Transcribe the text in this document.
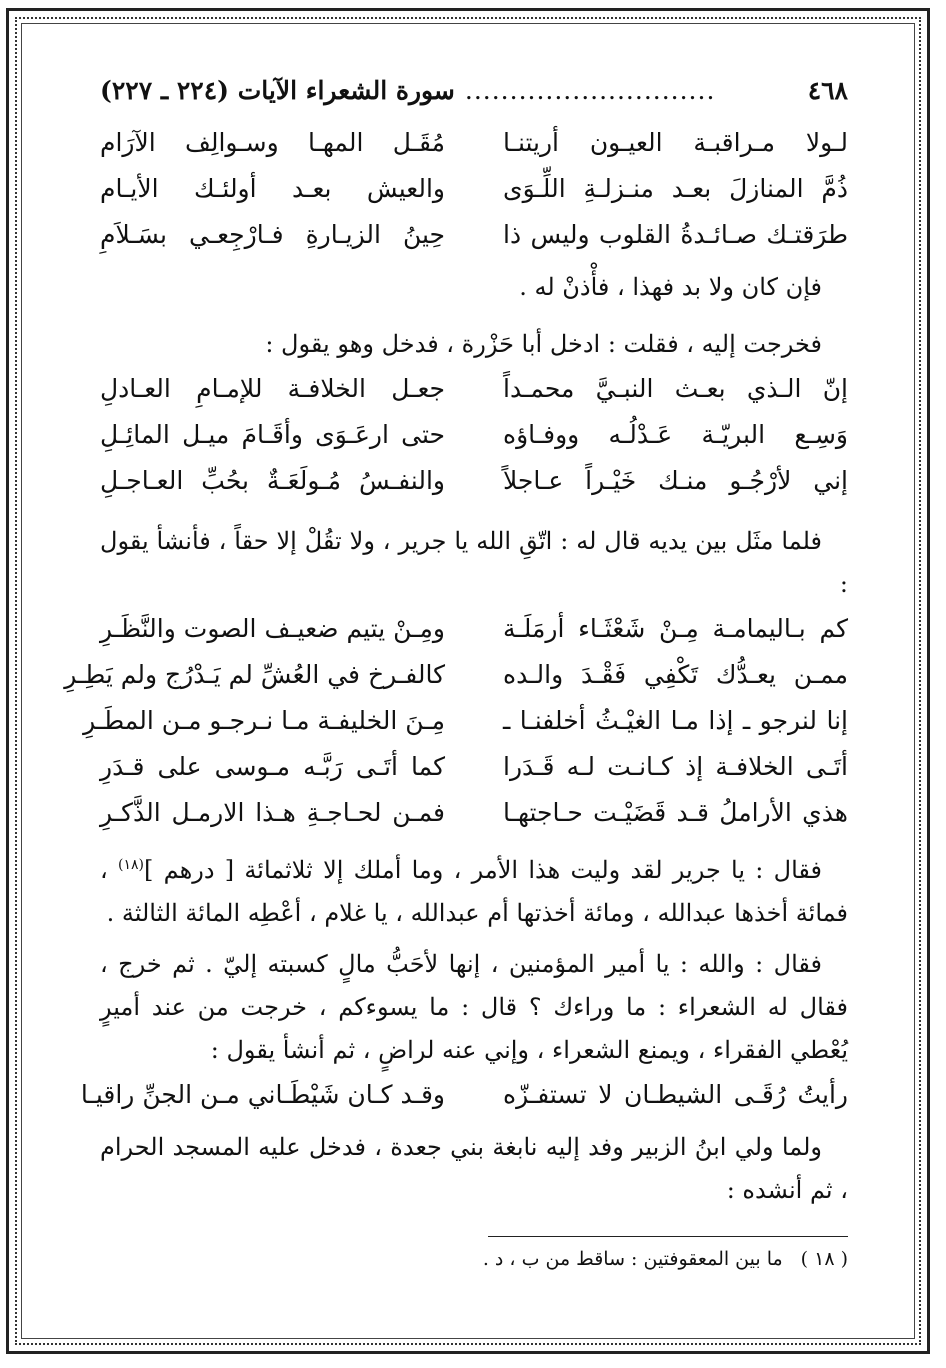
٤٦٨
............................
سورة الشعراء الآيات (٢٢٤ ـ ٢٢٧)
لـولا مـراقبـة العيـون أريتنـا
مُقَـل المهـا وسـوالِف الآرَام
ذُمَّ المنازلَ بعـد منـزلـةِ اللِّـوَى
والعيش بعـد أولئـك الأيـام
طرَقتـك صـائـدةُ القلوب وليس ذا
حِينُ الزيـارةِ فـارْجِعـي بسَـلاَمِ
فإن كان ولا بد فهذا ، فأْذنْ له .
فخرجت إليه ، فقلت : ادخل أبا حَزْرة ، فدخل وهو يقول :
إنّ الـذي بعـث النبـيَّ محمـداً
جعـل الخلافـة للإمـامِ العـادلِ
وَسِـع البريّـة عَـدْلُـه ووفـاؤه
حتى ارعَـوَى وأقَـامَ ميـل المائِـلِ
إني لأرْجُـو منـك خَيْـراً عـاجلاً
والنفـسُ مُـولَعَـةٌ بحُبِّ العـاجـلِ
فلما مثَل بين يديه قال له : اتّقِ الله يا جرير ، ولا تقُلْ إلا حقاً ، فأنشأ يقول :
كم بـاليمامـة مِـنْ شَعْثَـاء أرمَلَـة
ومِـنْ يتيم ضعيـف الصوت والنَّظَـرِ
ممـن يعـدُّك تَكْفِي فَقْـدَ والـده
كالفـرخ في العُشِّ لم يَـدْرُج ولم يَطِـرِ
إنا لنرجو ـ إذا مـا الغيْـثُ أخلفنـا ـ
مِـنَ الخليفـة مـا نـرجـو مـن المطَـرِ
أتَـى الخلافـة إذ كـانـت لـه قَـدَرا
كما أتَـى رَبَّـه مـوسى على قـدَرِ
هذي الأراملُ قـد قَضَيْـت حـاجتهـا
فمـن لحـاجـةِ هـذا الارمـل الذَّكـرِ
فقال : يا جرير لقد وليت هذا الأمر ، وما أملك إلا ثلاثمائة [ درهم ]$^{(١٨)}$ ، فمائة أخذها عبدالله ، ومائة أخذتها أم عبدالله ، يا غلام ، أعْطِه المائة الثالثة .
فقال : والله : يا أمير المؤمنين ، إنها لأحَبُّ مالٍ كسبته إليّ . ثم خرج ، فقال له الشعراء : ما وراءك ؟ قال : ما يسوءكم ، خرجت من عند أميرٍ يُعْطي الفقراء ، ويمنع الشعراء ، وإني عنه لراضٍ ، ثم أنشأ يقول :
رأيتُ رُقَـى الشيطـان لا تستفـزّه
وقـد كـان شَيْطَـاني مـن الجنِّ راقيـا
ولما ولي ابنُ الزبير وفد إليه نابغة بني جعدة ، فدخل عليه المسجد الحرام ، ثم أنشده :
( ١٨ )
ما بين المعقوفتين : ساقط من ب ، د .
